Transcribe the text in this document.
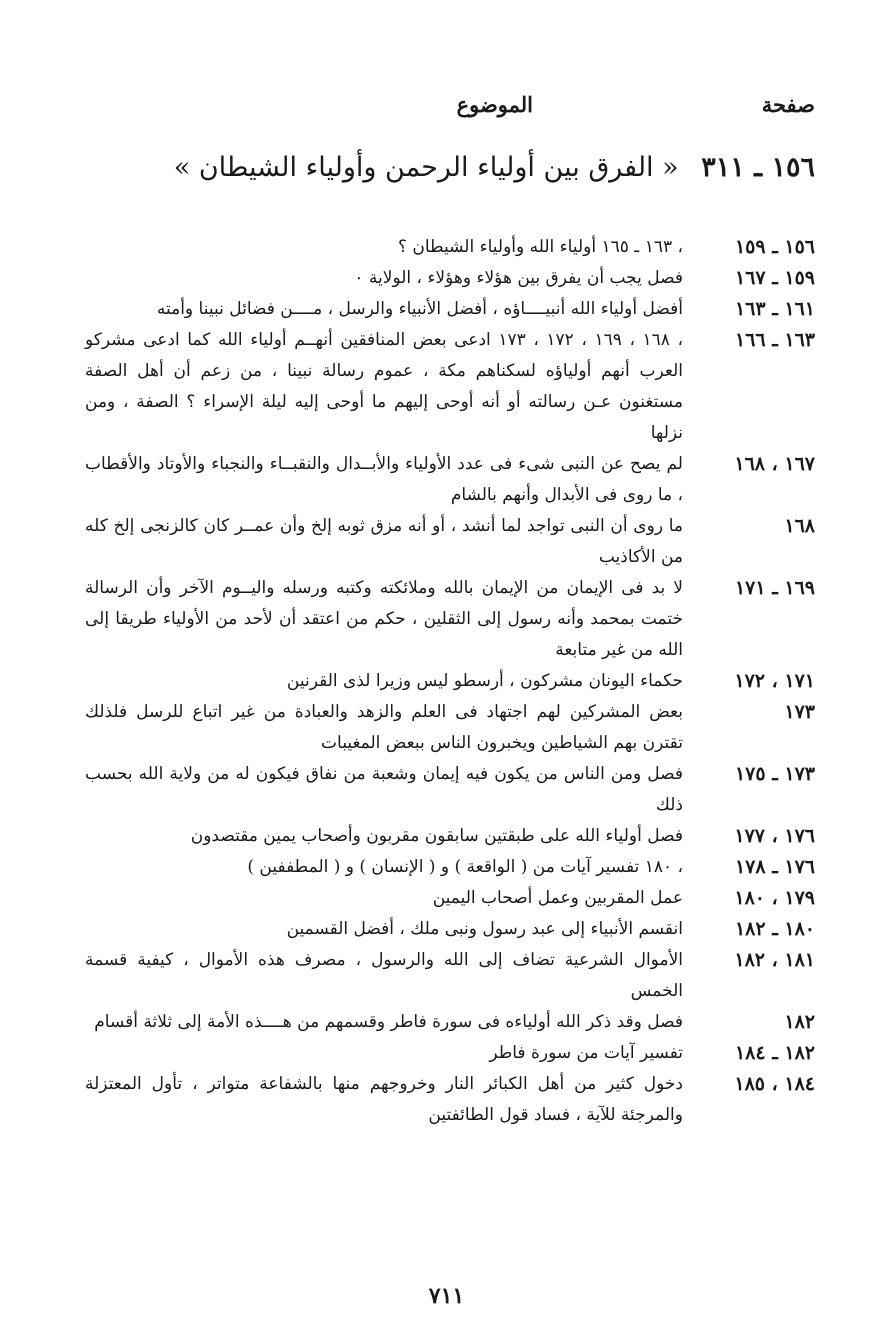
صفحة
الموضوع
١٥٦ ـ ٣١١ « الفرق بين أولياء الرحمن وأولياء الشيطان »
١٥٦ ـ ١٥٩
، ١٦٣ ـ ١٦٥ أولياء الله وأولياء الشيطان ؟
١٥٩ ـ ١٦٧
فصل يجب أن يفرق بين هؤلاء وهؤلاء ، الولاية ٠
١٦١ ـ ١٦٣
أفضل أولياء الله أنبيــــاؤه ، أفضل الأنبياء والرسل ، مــــن فضائل نبينا وأمته
١٦٣ ـ ١٦٦
، ١٦٨ ، ١٦٩ ، ١٧٢ ، ١٧٣ ادعى بعض المنافقين أنهــم أولياء الله كما ادعى مشركو العرب أنهم أولياؤه لسكناهم مكة ، عموم رسالة نبينا ، من زعم أن أهل الصفة مستغنون عـن رسالته أو أنه أوحى إليهم ما أوحى إليه ليلة الإسراء ؟ الصفة ، ومن نزلها
١٦٧ ، ١٦٨
لم يصح عن النبى شىء فى عدد الأولياء والأبــدال والنقبــاء والنجباء والأوتاد والأقطاب ، ما روى فى الأبدال وأنهم بالشام
١٦٨
ما روى أن النبى تواجد لما أنشد ، أو أنه مزق ثوبه إلخ وأن عمــر كان كالزنجى إلخ كله من الأكاذيب
١٦٩ ـ ١٧١
لا بد فى الإيمان من الإيمان بالله وملائكته وكتبه ورسله واليــوم الآخر وأن الرسالة ختمت بمحمد وأنه رسول إلى الثقلين ، حكم من اعتقد أن لأحد من الأولياء طريقا إلى الله من غير متابعة
١٧١ ، ١٧٢
حكماء اليونان مشركون ، أرسطو ليس وزيرا لذى القرنين
١٧٣
بعض المشركين لهم اجتهاد فى العلم والزهد والعبادة من غير اتباع للرسل فلذلك تقترن بهم الشياطين ويخبرون الناس ببعض المغيبات
١٧٣ ـ ١٧٥
فصل ومن الناس من يكون فيه إيمان وشعبة من نفاق فيكون له من ولاية الله بحسب ذلك
١٧٦ ، ١٧٧
فصل أولياء الله على طبقتين سابقون مقربون وأصحاب يمين مقتصدون
١٧٦ ـ ١٧٨
، ١٨٠ تفسير آيات من ( الواقعة ) و ( الإنسان ) و ( المطففين )
١٧٩ ، ١٨٠
عمل المقربين وعمل أصحاب اليمين
١٨٠ ـ ١٨٢
انقسم الأنبياء إلى عبد رسول ونبى ملك ، أفضل القسمين
١٨١ ، ١٨٢
الأموال الشرعية تضاف إلى الله والرسول ، مصرف هذه الأموال ، كيفية قسمة الخمس
١٨٢
فصل وقد ذكر الله أولياءه فى سورة فاطر وقسمهم من هــــذه الأمة إلى ثلاثة أقسام
١٨٢ ـ ١٨٤
تفسير آيات من سورة فاطر
١٨٤ ، ١٨٥
دخول كثير من أهل الكبائر النار وخروجهم منها بالشفاعة متواتر ، تأول المعتزلة والمرجئة للآية ، فساد قول الطائفتين
٧١١
